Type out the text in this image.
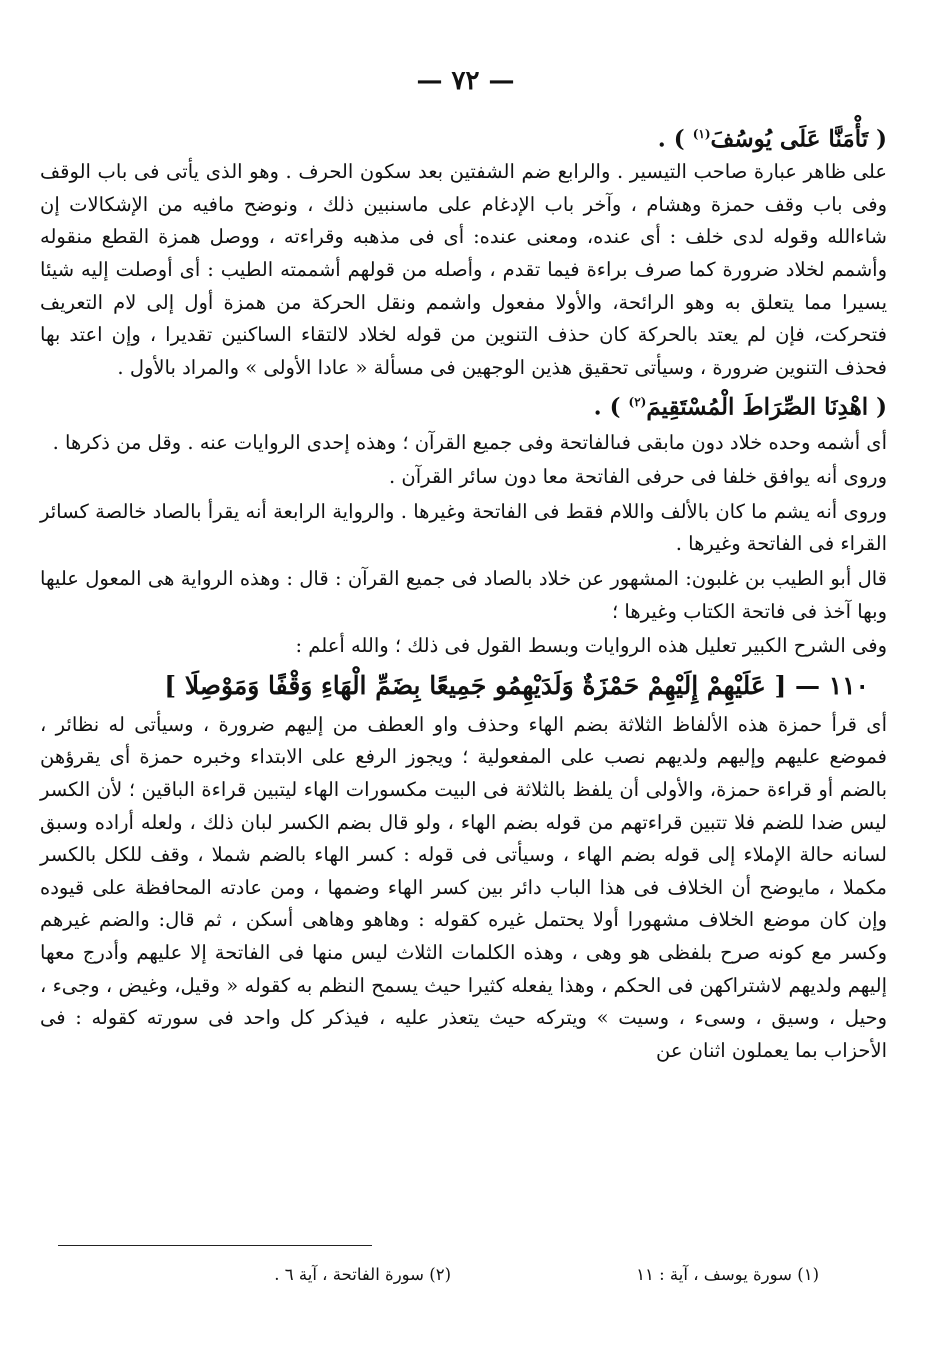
— ٧٢ —

( تَأْمَنَّا عَلَى يُوسُفَ$^{(١)}$ ) .

على ظاهر عبارة صاحب التيسير . والرابع ضم الشفتين بعد سكون الحرف . وهو الذى يأتى فى باب الوقف وفى باب وقف حمزة وهشام ، وآخر باب الإدغام على ماسنبين ذلك ، ونوضح مافيه من الإشكالات إن شاءالله وقوله لدى خلف : أى عنده، ومعنى عنده: أى فى مذهبه وقراءته ، ووصل همزة القطع منقوله وأشمم لخلاد ضرورة كما صرف براءة فيما تقدم ، وأصله من قولهم أشممته الطيب : أى أوصلت إليه شيئا يسيرا مما يتعلق به وهو الرائحة، والأولا مفعول واشمم ونقل الحركة من همزة أول إلى لام التعريف فتحركت، فإن لم يعتد بالحركة كان حذف التنوين من قوله لخلاد لالتقاء الساكنين تقديرا ، وإن اعتد بها فحذف التنوين ضرورة ، وسيأتى تحقيق هذين الوجهين فى مسألة « عادا الأولى » والمراد بالأول .

( اهْدِنَا الصِّرَاطَ الْمُسْتَقِيمَ$^{(٢)}$ ) .

أى أشمه وحده خلاد دون مابقى فىالفاتحة وفى جميع القرآن ؛ وهذه إحدى الروايات عنه . وقل من ذكرها .

وروى أنه يوافق خلفا فى حرفى الفاتحة معا دون سائر القرآن .

وروى أنه يشم ما كان بالألف واللام فقط فى الفاتحة وغيرها . والرواية الرابعة أنه يقرأ بالصاد خالصة كسائر القراء فى الفاتحة وغيرها .

قال أبو الطيب بن غلبون: المشهور عن خلاد بالصاد فى جميع القرآن : قال : وهذه الرواية هى المعول عليها وبها آخذ فى فاتحة الكتاب وغيرها ؛

وفى الشرح الكبير تعليل هذه الروايات وبسط القول فى ذلك ؛ والله أعلم :

١١٠ — [ عَلَيْهِمْ إِلَيْهِمْ حَمْزَةٌ وَلَدَيْهِمُو جَمِيعًا بِضَمِّ الْهَاءِ وَقْفًا وَمَوْصِلَا ]

أى قرأ حمزة هذه الألفاظ الثلاثة بضم الهاء وحذف واو العطف من إليهم ضرورة ، وسيأتى له نظائر ، فموضع عليهم وإليهم ولديهم نصب على المفعولية ؛ ويجوز الرفع على الابتداء وخبره حمزة أى يقرؤهن بالضم أو قراءة حمزة، والأولى أن يلفظ بالثلاثة فى البيت مكسورات الهاء ليتبين قراءة الباقين ؛ لأن الكسر ليس ضدا للضم فلا تتبين قراءتهم من قوله بضم الهاء ، ولو قال بضم الكسر لبان ذلك ، ولعله أراده وسبق لسانه حالة الإملاء إلى قوله بضم الهاء ، وسيأتى فى قوله : كسر الهاء بالضم شملا ، وقف للكل بالكسر مكملا ، مايوضح أن الخلاف فى هذا الباب دائر بين كسر الهاء وضمها ، ومن عادته المحافظة على قيوده وإن كان موضع الخلاف مشهورا أولا يحتمل غيره كقوله : وهاهو وهاهى أسكن ، ثم قال: والضم غيرهم وكسر مع كونه صرح بلفظى هو وهى ، وهذه الكلمات الثلاث ليس منها فى الفاتحة إلا عليهم وأدرج معها إليهم ولديهم لاشتراكهن فى الحكم ، وهذا يفعله كثيرا حيث يسمح النظم به كقوله « وقيل، وغيض ، وجىء ، وحيل ، وسيق ، وسىء ، وسيت » ويتركه حيث يتعذر عليه ، فيذكر كل واحد فى سورته كقوله : فى الأحزاب بما يعملون اثنان عن

(١) سورة يوسف ، آية : ١١
(٢) سورة الفاتحة ، آية ٦ .
